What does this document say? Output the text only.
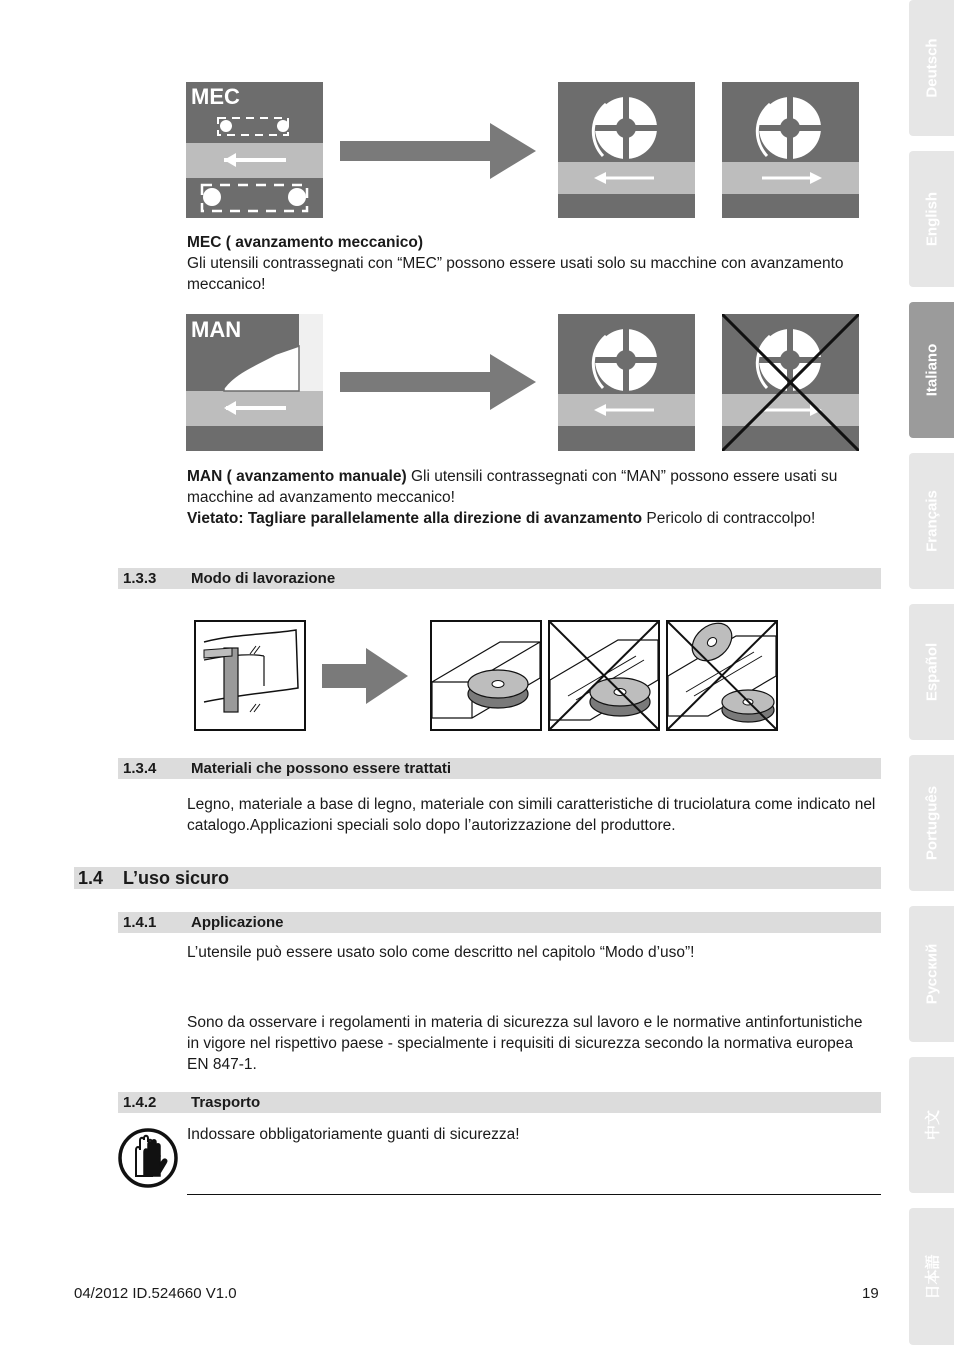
Deutsch
English
Italiano
Français
Español
Português
Русский
中文
日本語
MEC
MEC ( avanzamento meccanico)
Gli utensili contrassegnati con “MEC” possono essere usati solo su macchine con avanzamento meccanico!
MAN
MAN ( avanzamento manuale) Gli utensili contrassegnati con “MAN” possono essere usati su macchine ad avanzamento meccanico!
Vietato: Tagliare parallelamente alla direzione di avanzamento Pericolo di contraccolpo!
1.3.3 Modo di lavorazione
1.3.4 Materiali che possono essere trattati
Legno, materiale a base di legno, materiale con simili caratteristiche di truciolatura come indicato nel catalogo.Applicazioni speciali solo dopo l’autorizzazione del produttore.
1.4 L’uso sicuro
1.4.1 Applicazione
L’utensile può essere usato solo come descritto nel capitolo “Modo d’uso”!
Sono da osservare i regolamenti in materia di sicurezza sul lavoro e le normative antinfortunistiche in vigore nel rispettivo paese - specialmente i requisiti di sicurezza secondo la normativa europea EN 847-1.
1.4.2 Trasporto
Indossare obbligatoriamente guanti di sicurezza!
04/2012 ID.524660 V1.0	19
